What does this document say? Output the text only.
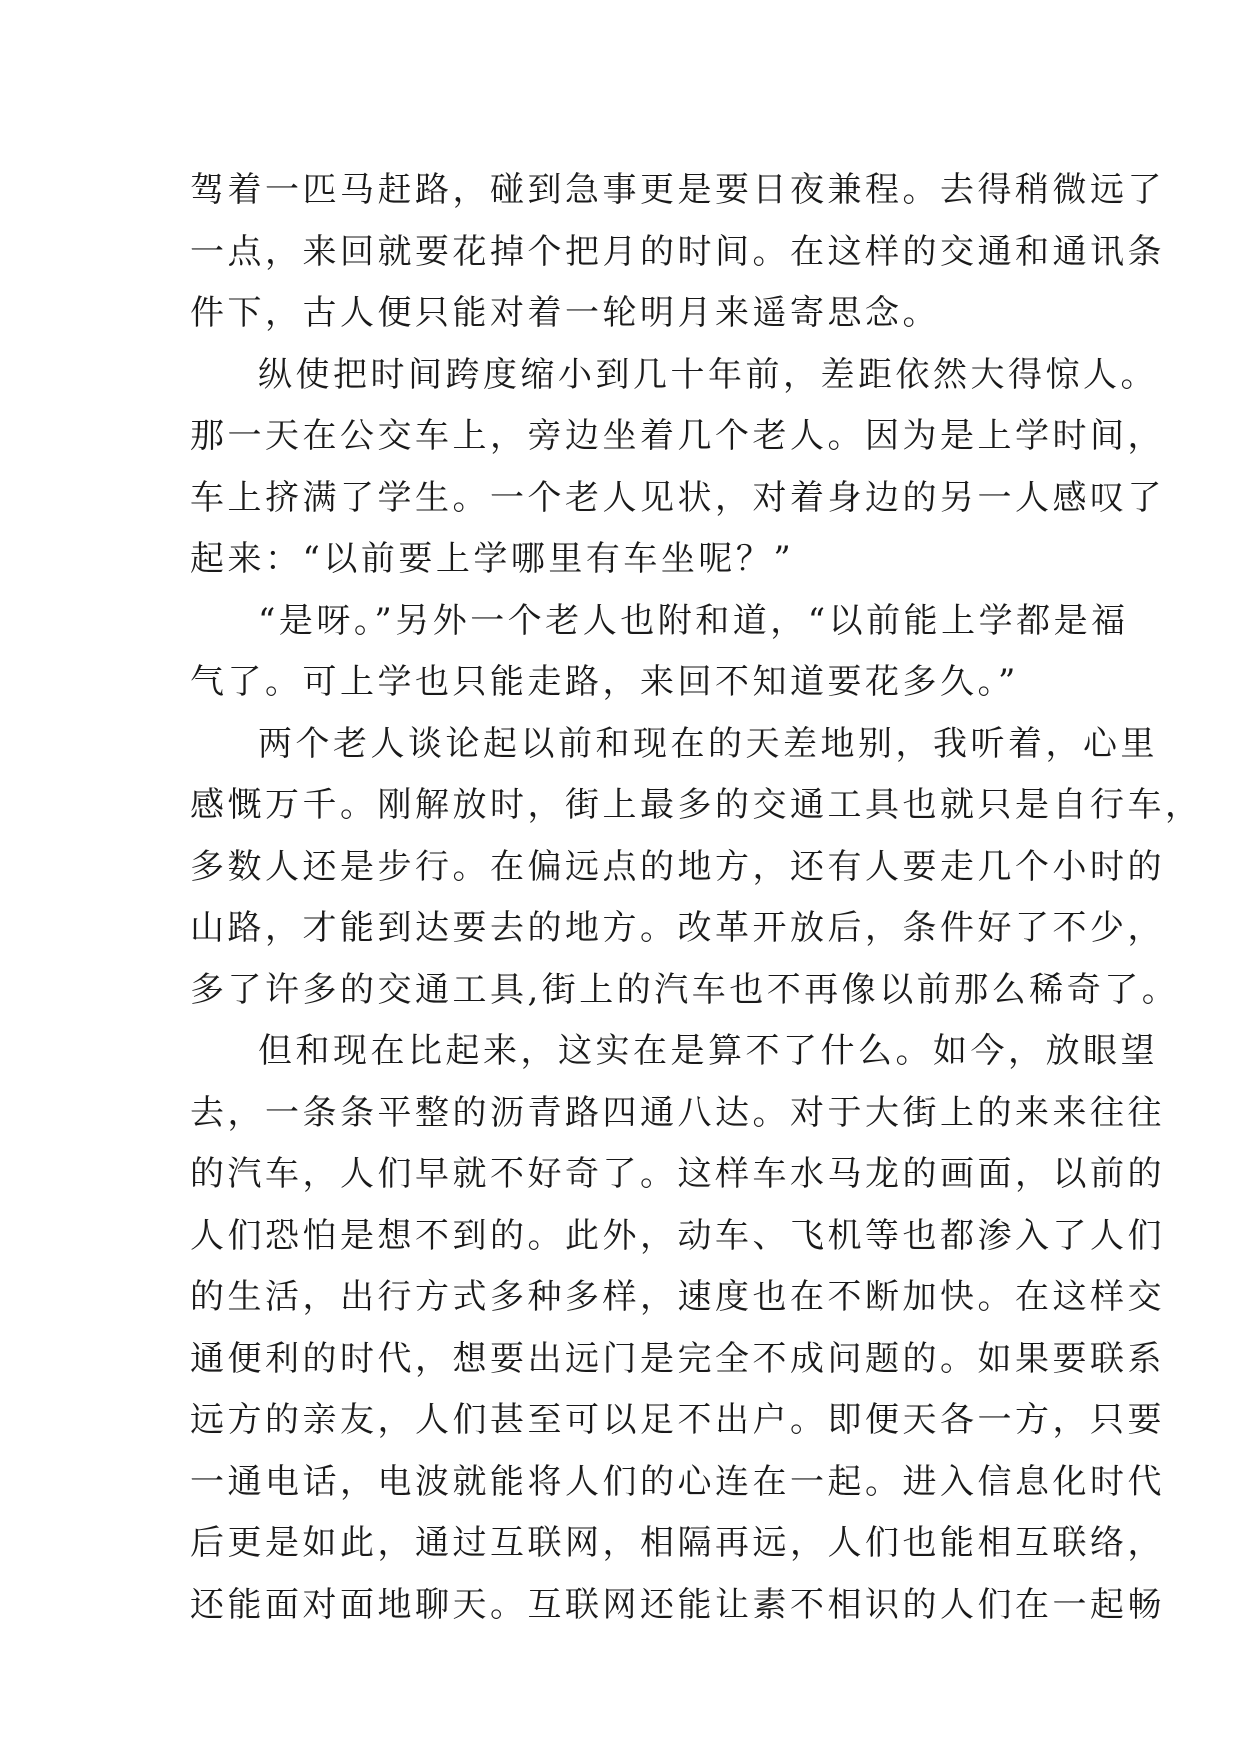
驾着一匹马赶路，碰到急事更是要日夜兼程。去得稍微远了
一点，来回就要花掉个把月的时间。在这样的交通和通讯条
件下，古人便只能对着一轮明月来遥寄思念。
纵使把时间跨度缩小到几十年前，差距依然大得惊人。
那一天在公交车上，旁边坐着几个老人。因为是上学时间，
车上挤满了学生。一个老人见状，对着身边的另一人感叹了
起来：“以前要上学哪里有车坐呢？”
“是呀。”另外一个老人也附和道，“以前能上学都是福
气了。可上学也只能走路，来回不知道要花多久。”
两个老人谈论起以前和现在的天差地别，我听着，心里
感慨万千。刚解放时，街上最多的交通工具也就只是自行车，
多数人还是步行。在偏远点的地方，还有人要走几个小时的
山路，才能到达要去的地方。改革开放后，条件好了不少，
多了许多的交通工具,街上的汽车也不再像以前那么稀奇了。
但和现在比起来，这实在是算不了什么。如今，放眼望
去，一条条平整的沥青路四通八达。对于大街上的来来往往
的汽车，人们早就不好奇了。这样车水马龙的画面，以前的
人们恐怕是想不到的。此外，动车、飞机等也都渗入了人们
的生活，出行方式多种多样，速度也在不断加快。在这样交
通便利的时代，想要出远门是完全不成问题的。如果要联系
远方的亲友，人们甚至可以足不出户。即便天各一方，只要
一通电话，电波就能将人们的心连在一起。进入信息化时代
后更是如此，通过互联网，相隔再远，人们也能相互联络，
还能面对面地聊天。互联网还能让素不相识的人们在一起畅
